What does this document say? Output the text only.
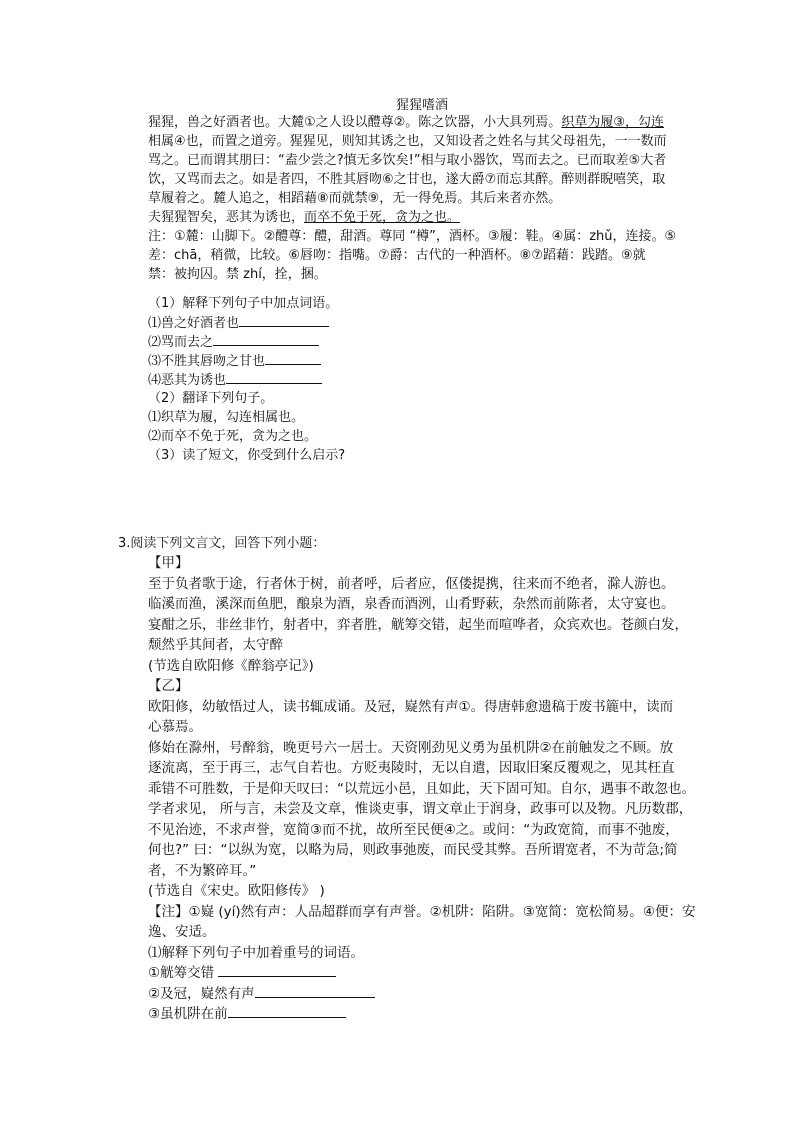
猩猩嗜酒
猩猩，兽之好酒者也。大麓①之人设以醴尊②。陈之饮器，小大具列焉。织草为履③，勾连
相属④也，而置之道旁。猩猩见，则知其诱之也，又知设者之姓名与其父母祖先，一一数而
骂之。已而谓其朋曰：“盍少尝之?慎无多饮矣!”相与取小器饮，骂而去之。已而取差⑤大者
饮，又骂而去之。如是者四，不胜其唇吻⑥之甘也，遂大爵⑦而忘其醉。醉则群睨嘻笑，取
草履着之。麓人追之，相蹈藉⑧而就禁⑨，无一得免焉。其后来者亦然。
夫猩猩智矣，恶其为诱也，而卒不免于死，贪为之也。
注：①麓：山脚下。②醴尊：醴，甜酒。尊同 “樽”，酒杯。③履：鞋。④属：zhǔ，连接。⑤
差：chā，稍微，比较。⑥唇吻：指嘴。⑦爵：古代的一种酒杯。⑧⑦蹈藉：践踏。⑨就
禁：被拘囚。禁 zhí，拴，捆。
（1）解释下列句子中加点词语。
⑴兽之好酒者也
⑵骂而去之
⑶不胜其唇吻之甘也
⑷恶其为诱也
（2）翻译下列句子。
⑴织草为履，勾连相属也。
⑵而卒不免于死，贪为之也。
（3）读了短文，你受到什么启示?
3.阅读下列文言文，回答下列小题：
【甲】
至于负者歌于途，行者休于树，前者呼，后者应，伛偻提携，往来而不绝者，滁人游也。
临溪而渔，溪深而鱼肥，酿泉为酒，泉香而酒洌，山肴野蔌，杂然而前陈者，太守宴也。
宴酣之乐，非丝非竹，射者中，弈者胜，觥筹交错，起坐而喧哗者，众宾欢也。苍颜白发，
颓然乎其间者，太守醉
(节选自欧阳修《醉翁亭记》)
【乙】
欧阳修，幼敏悟过人，读书辄成诵。及冠，嶷然有声①。得唐韩愈遗稿于废书簏中，读而
心慕焉。
修始在滁州，号醉翁，晚更号六一居士。天资刚劲见义勇为虽机阱②在前触发之不顾。放
逐流离，至于再三，志气自若也。方贬夷陵时，无以自遣，因取旧案反覆观之，见其枉直
乖错不可胜数，于是仰天叹曰：“以荒远小邑，且如此，天下固可知。自尔，遇事不敢忽也。
学者求见， 所与言，未尝及文章，惟谈吏事，谓文章止于润身，政事可以及物。凡历数郡，
不见治迹，不求声誉，宽简③而不扰，故所至民便④之。或问：“为政宽简，而事不弛废，
何也?” 曰：“以纵为宽，以略为局，则政事弛废，而民受其弊。吾所谓宽者，不为苛急;简
者，不为繁碎耳。”
(节选自《宋史。欧阳修传》 )
【注】①嶷 (yí)然有声：人品超群而享有声誉。②机阱：陷阱。③宽简：宽松简易。④便：安
逸、安适。
⑴解释下列句子中加着重号的词语。
①觥筹交错
②及冠，嶷然有声
③虽机阱在前
